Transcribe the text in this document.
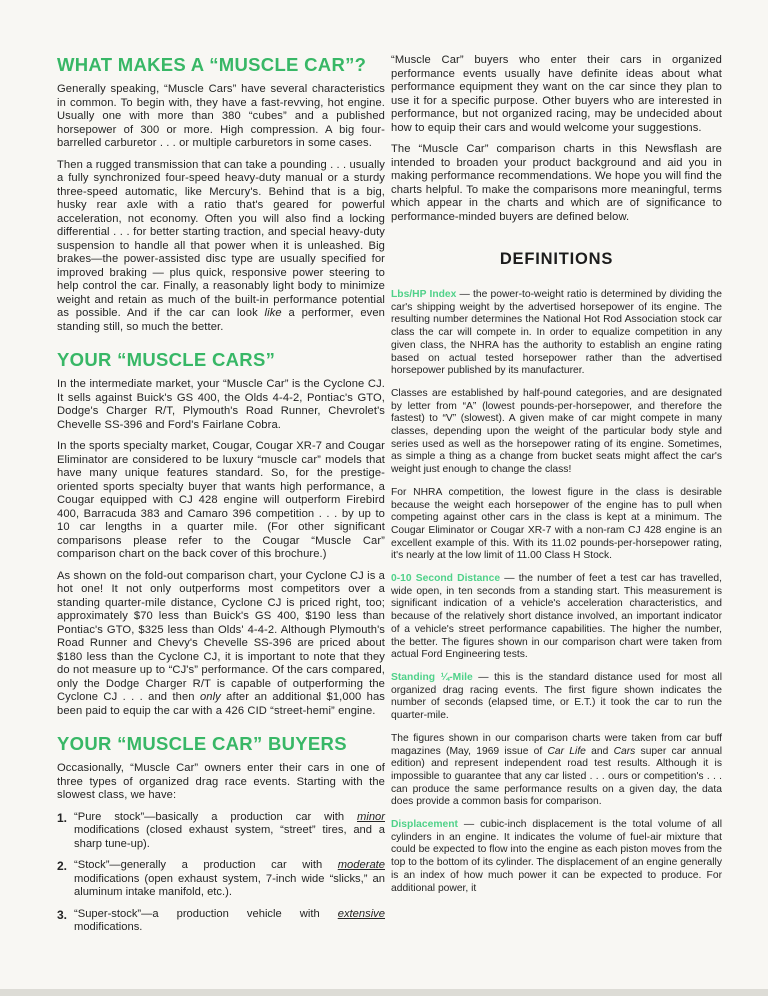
WHAT MAKES A “MUSCLE CAR”?

Generally speaking, “Muscle Cars” have several characteristics in common. To begin with, they have a fast-revving, hot engine. Usually one with more than 380 “cubes” and a published horsepower of 300 or more. High compression. A big four-barrelled carburetor . . . or multiple carburetors in some cases.

Then a rugged transmission that can take a pounding . . . usually a fully synchronized four-speed heavy-duty manual or a sturdy three-speed automatic, like Mercury's. Behind that is a big, husky rear axle with a ratio that's geared for powerful acceleration, not economy. Often you will also find a locking differential . . . for better starting traction, and special heavy-duty suspension to handle all that power when it is unleashed. Big brakes—the power-assisted disc type are usually specified for improved braking — plus quick, responsive power steering to help control the car. Finally, a reasonably light body to minimize weight and retain as much of the built-in performance potential as possible. And if the car can look like a performer, even standing still, so much the better.

YOUR “MUSCLE CARS”

In the intermediate market, your “Muscle Car” is the Cyclone CJ. It sells against Buick's GS 400, the Olds 4-4-2, Pontiac's GTO, Dodge's Charger R/T, Plymouth's Road Runner, Chevrolet's Chevelle SS-396 and Ford's Fairlane Cobra.

In the sports specialty market, Cougar, Cougar XR-7 and Cougar Eliminator are considered to be luxury “muscle car” models that have many unique features standard. So, for the prestige-oriented sports specialty buyer that wants high performance, a Cougar equipped with CJ 428 engine will outperform Firebird 400, Barracuda 383 and Camaro 396 competition . . . by up to 10 car lengths in a quarter mile. (For other significant comparisons please refer to the Cougar “Muscle Car” comparison chart on the back cover of this brochure.)

As shown on the fold-out comparison chart, your Cyclone CJ is a hot one! It not only outperforms most competitors over a standing quarter-mile distance, Cyclone CJ is priced right, too; approximately $70 less than Buick's GS 400, $190 less than Pontiac's GTO, $325 less than Olds' 4-4-2. Although Plymouth's Road Runner and Chevy's Chevelle SS-396 are priced about $180 less than the Cyclone CJ, it is important to note that they do not measure up to “CJ's” performance. Of the cars compared, only the Dodge Charger R/T is capable of outperforming the Cyclone CJ . . . and then only after an additional $1,000 has been paid to equip the car with a 426 CID “street-hemi” engine.

YOUR “MUSCLE CAR” BUYERS

Occasionally, “Muscle Car” owners enter their cars in one of three types of organized drag race events. Starting with the slowest class, we have:

1. “Pure stock”—basically a production car with minor modifications (closed exhaust system, “street” tires, and a sharp tune-up).
2. “Stock”—generally a production car with moderate modifications (open exhaust system, 7-inch wide “slicks,” an aluminum intake manifold, etc.).
3. “Super-stock”—a production vehicle with extensive modifications.

“Muscle Car” buyers who enter their cars in organized performance events usually have definite ideas about what performance equipment they want on the car since they plan to use it for a specific purpose. Other buyers who are interested in performance, but not organized racing, may be undecided about how to equip their cars and would welcome your suggestions.

The “Muscle Car” comparison charts in this Newsflash are intended to broaden your product background and aid you in making performance recommendations. We hope you will find the charts helpful. To make the comparisons more meaningful, terms which appear in the charts and which are of significance to performance-minded buyers are defined below.

DEFINITIONS

Lbs/HP Index — the power-to-weight ratio is determined by dividing the car's shipping weight by the advertised horsepower of its engine. The resulting number determines the National Hot Rod Association stock car class the car will compete in. In order to equalize competition in any given class, the NHRA has the authority to establish an engine rating based on actual tested horsepower rather than the advertised horsepower published by its manufacturer.

Classes are established by half-pound categories, and are designated by letter from “A” (lowest pounds-per-horsepower, and therefore the fastest) to “V” (slowest). A given make of car might compete in many classes, depending upon the weight of the particular body style and series used as well as the horsepower rating of its engine. Sometimes, as simple a thing as a change from bucket seats might affect the car's weight just enough to change the class!

For NHRA competition, the lowest figure in the class is desirable because the weight each horsepower of the engine has to pull when competing against other cars in the class is kept at a minimum. The Cougar Eliminator or Cougar XR-7 with a non-ram CJ 428 engine is an excellent example of this. With its 11.02 pounds-per-horsepower rating, it's nearly at the low limit of 11.00 Class H Stock.

0-10 Second Distance — the number of feet a test car has travelled, wide open, in ten seconds from a standing start. This measurement is significant indication of a vehicle's acceleration characteristics, and because of the relatively short distance involved, an important indicator of a vehicle's street performance capabilities. The higher the number, the better. The figures shown in our comparison chart were taken from actual Ford Engineering tests.

Standing ¼-Mile — this is the standard distance used for most all organized drag racing events. The first figure shown indicates the number of seconds (elapsed time, or E.T.) it took the car to run the quarter-mile.

The figures shown in our comparison charts were taken from car buff magazines (May, 1969 issue of Car Life and Cars super car annual edition) and represent independent road test results. Although it is impossible to guarantee that any car listed . . . ours or competition's . . . can produce the same performance results on a given day, the data does provide a common basis for comparison.

Displacement — cubic-inch displacement is the total volume of all cylinders in an engine. It indicates the volume of fuel-air mixture that could be expected to flow into the engine as each piston moves from the top to the bottom of its cylinder. The displacement of an engine generally is an index of how much power it can be expected to produce. For additional power, it
